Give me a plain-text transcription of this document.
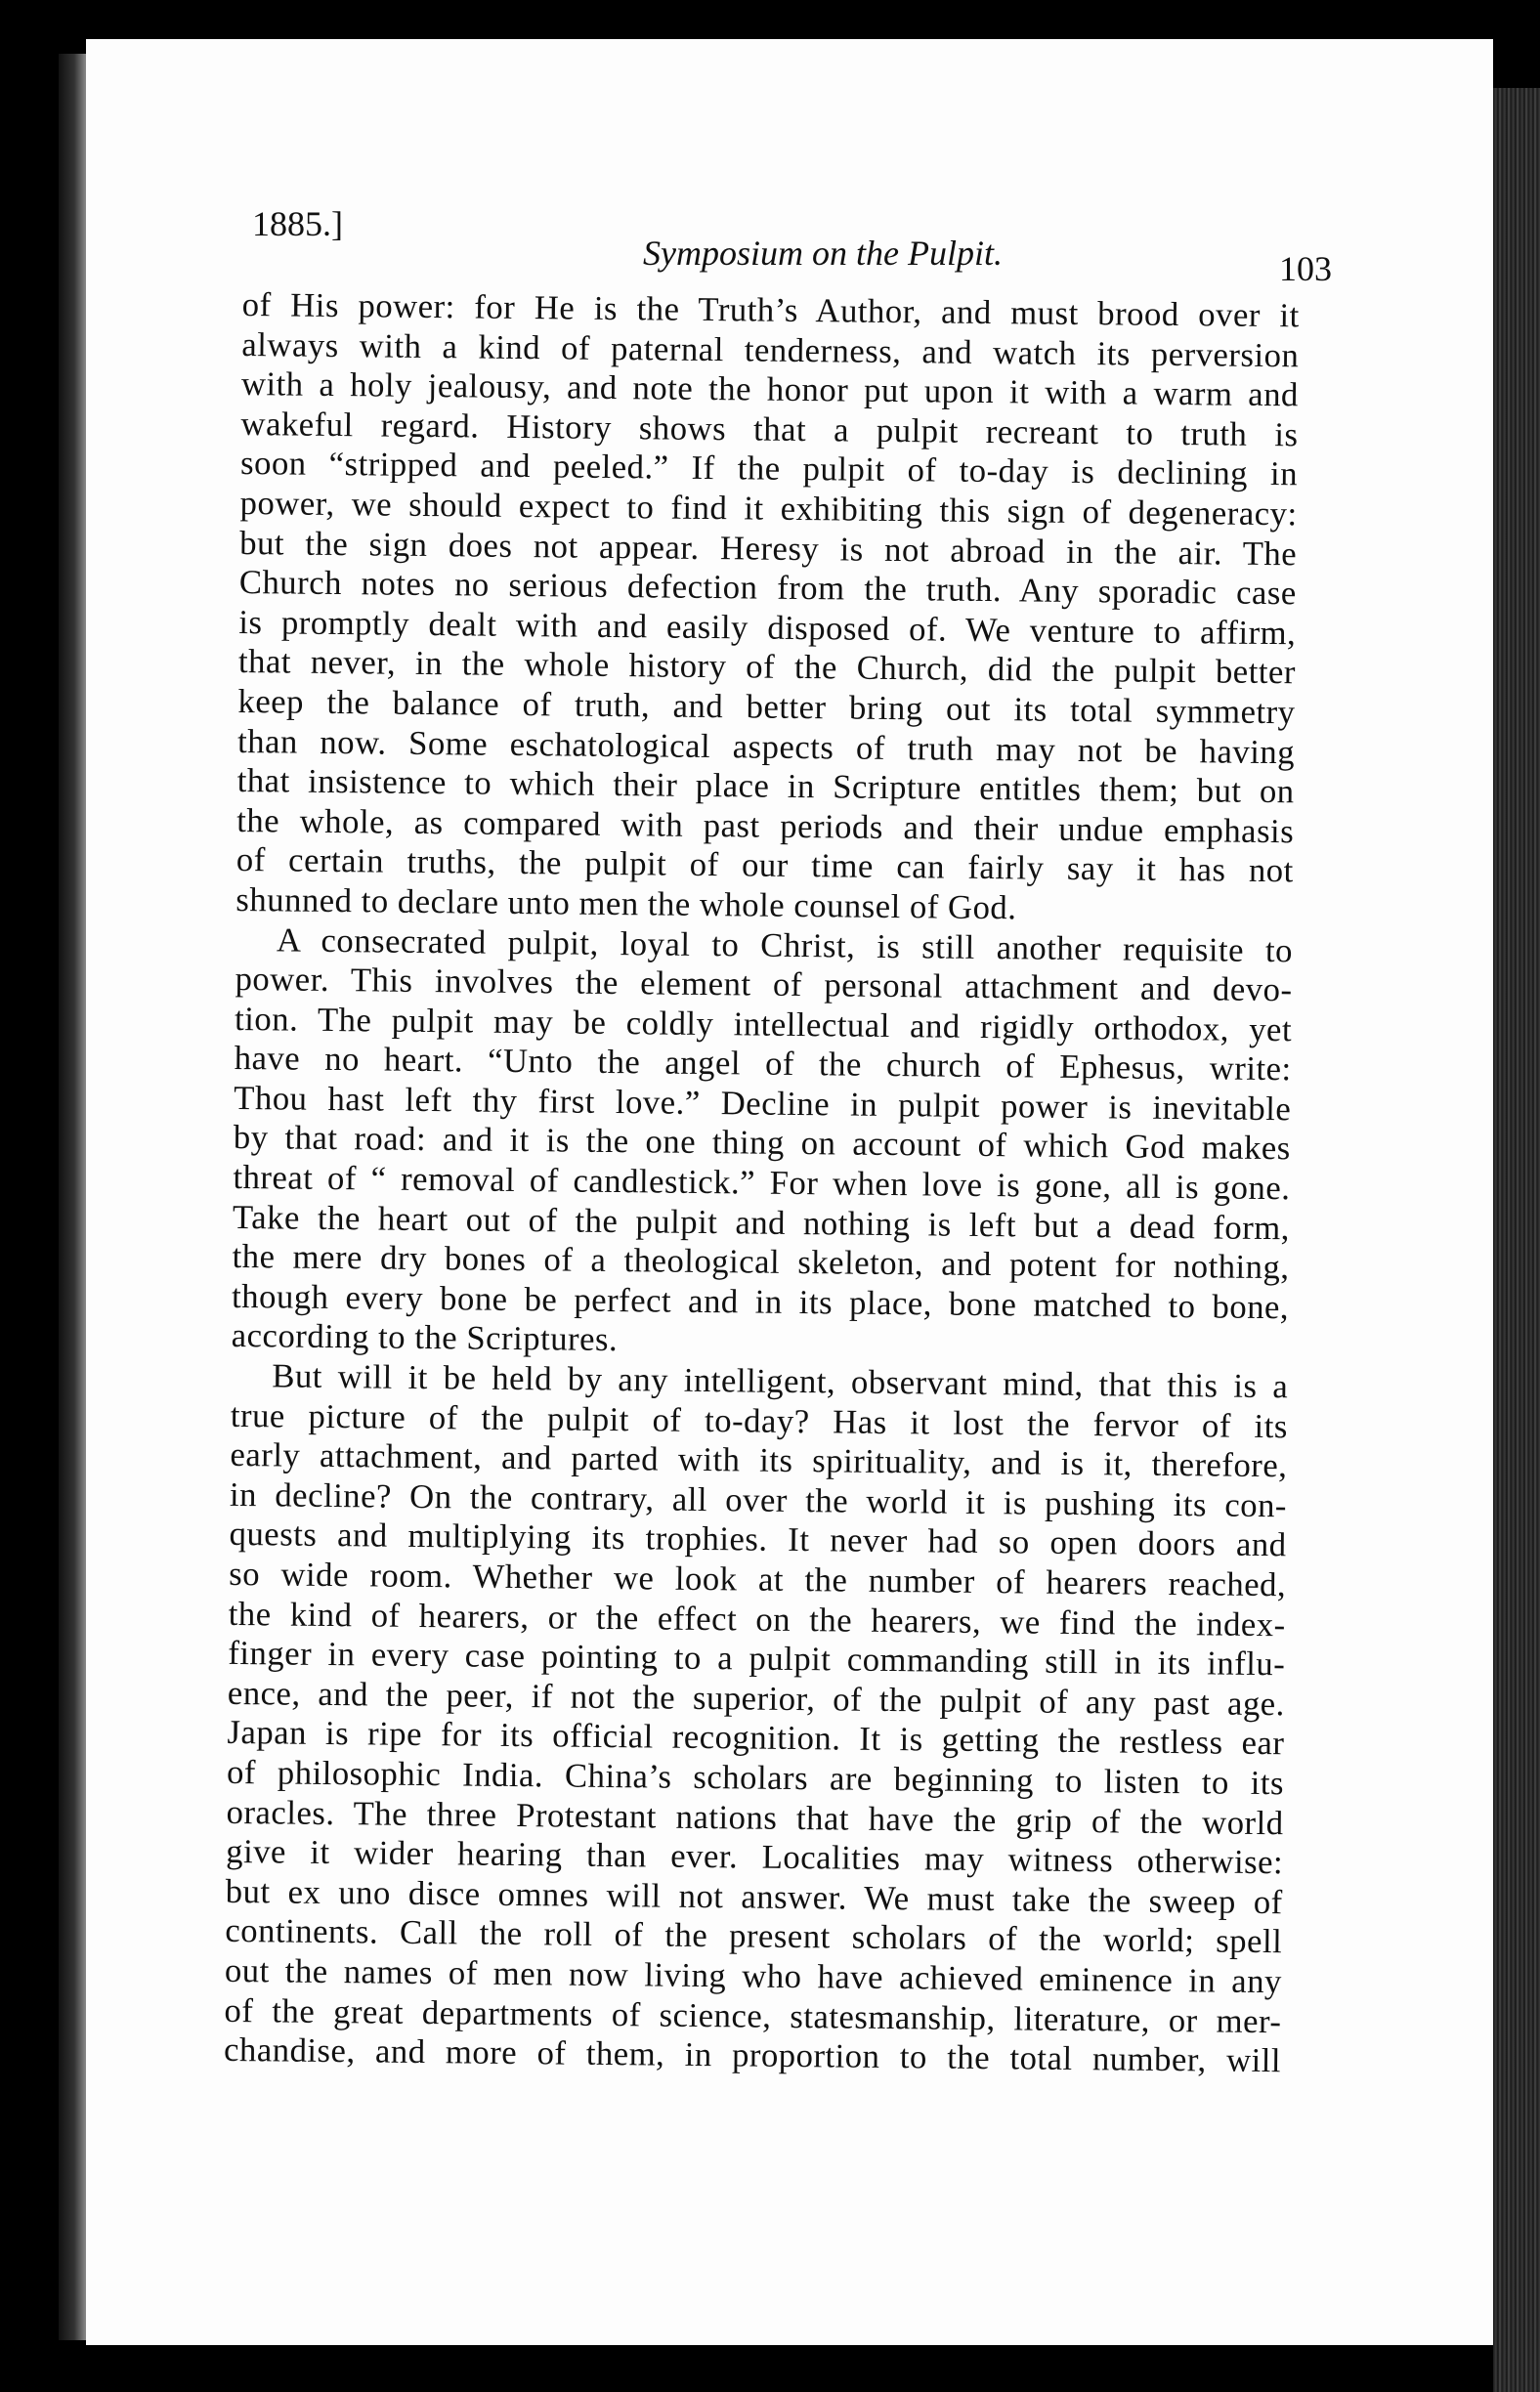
1885.]
Symposium on the Pulpit.	103

of His power: for He is the Truth’s Author, and must brood over it
always with a kind of paternal tenderness, and watch its perversion
with a holy jealousy, and note the honor put upon it with a warm and
wakeful regard. History shows that a pulpit recreant to truth is
soon “stripped and peeled.” If the pulpit of to-day is declining in
power, we should expect to find it exhibiting this sign of degeneracy:
but the sign does not appear. Heresy is not abroad in the air. The
Church notes no serious defection from the truth. Any sporadic case
is promptly dealt with and easily disposed of. We venture to affirm,
that never, in the whole history of the Church, did the pulpit better
keep the balance of truth, and better bring out its total symmetry
than now. Some eschatological aspects of truth may not be having
that insistence to which their place in Scripture entitles them; but on
the whole, as compared with past periods and their undue emphasis
of certain truths, the pulpit of our time can fairly say it has not
shunned to declare unto men the whole counsel of God.

A consecrated pulpit, loyal to Christ, is still another requisite to
power. This involves the element of personal attachment and devo-
tion. The pulpit may be coldly intellectual and rigidly orthodox, yet
have no heart. “Unto the angel of the church of Ephesus, write:
Thou hast left thy first love.” Decline in pulpit power is inevitable
by that road: and it is the one thing on account of which God makes
threat of “ removal of candlestick.” For when love is gone, all is gone.
Take the heart out of the pulpit and nothing is left but a dead form,
the mere dry bones of a theological skeleton, and potent for nothing,
though every bone be perfect and in its place, bone matched to bone,
according to the Scriptures.

But will it be held by any intelligent, observant mind, that this is a
true picture of the pulpit of to-day? Has it lost the fervor of its
early attachment, and parted with its spirituality, and is it, therefore,
in decline? On the contrary, all over the world it is pushing its con-
quests and multiplying its trophies. It never had so open doors and
so wide room. Whether we look at the number of hearers reached,
the kind of hearers, or the effect on the hearers, we find the index-
finger in every case pointing to a pulpit commanding still in its influ-
ence, and the peer, if not the superior, of the pulpit of any past age.
Japan is ripe for its official recognition. It is getting the restless ear
of philosophic India. China’s scholars are beginning to listen to its
oracles. The three Protestant nations that have the grip of the world
give it wider hearing than ever. Localities may witness otherwise:
but ex uno disce omnes will not answer. We must take the sweep of
continents. Call the roll of the present scholars of the world; spell
out the names of men now living who have achieved eminence in any
of the great departments of science, statesmanship, literature, or mer-
chandise, and more of them, in proportion to the total number, will
